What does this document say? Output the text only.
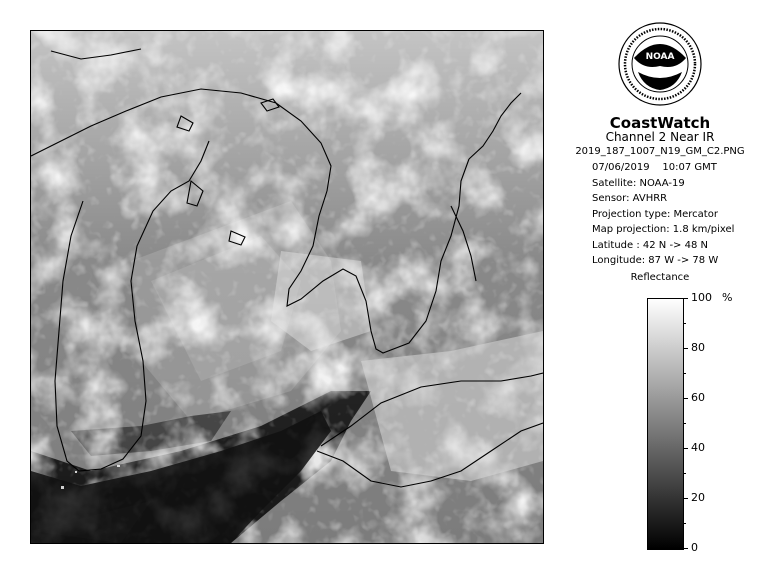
NOAA
CoastWatch
Channel 2 Near IR
2019_187_1007_N19_GM_C2.PNG
07/06/2019 10:07 GMT
Satellite: NOAA-19
Sensor: AVHRR
Projection type: Mercator
Map projection: 1.8 km/pixel
Latitude : 42 N -> 48 N
Longitude: 87 W -> 78 W
Reflectance
%
100
80
60
40
20
0
